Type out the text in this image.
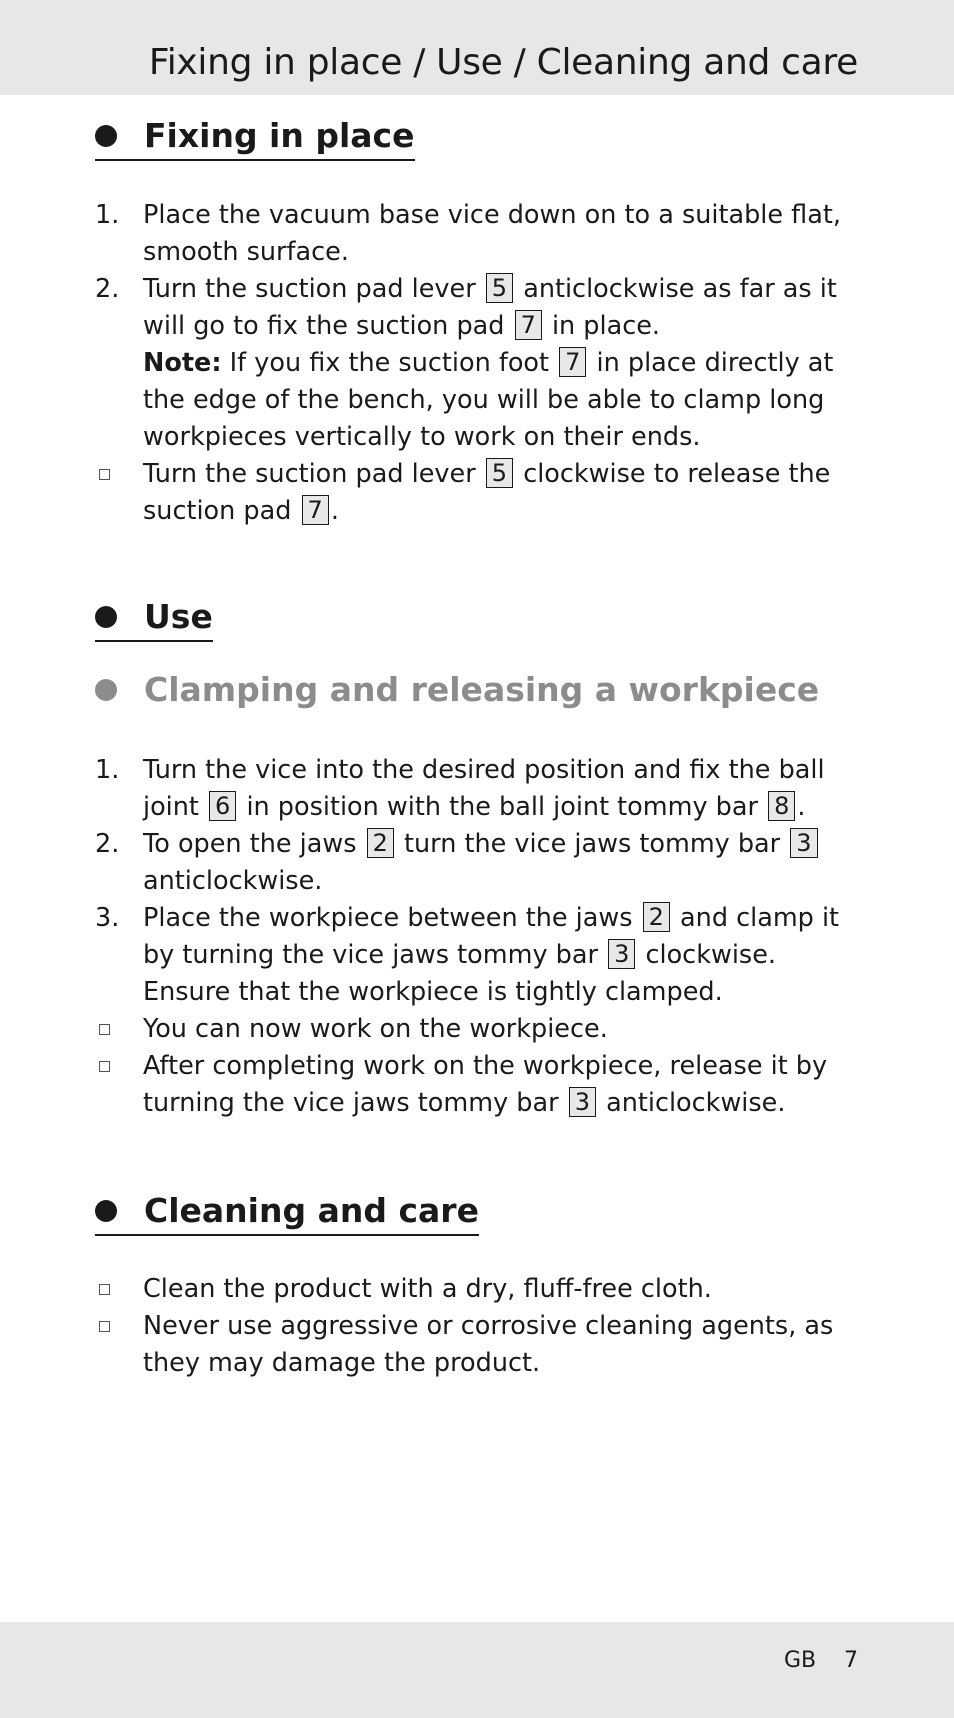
Fixing in place / Use / Cleaning and care
Fixing in place
1. Place the vacuum base vice down on to a suitable flat, smooth surface.
2. Turn the suction pad lever 5 anticlockwise as far as it will go to fix the suction pad 7 in place.
Note: If you fix the suction foot 7 in place directly at the edge of the bench, you will be able to clamp long workpieces vertically to work on their ends.
Turn the suction pad lever 5 clockwise to release the suction pad 7 .
Use
Clamping and releasing a workpiece
1. Turn the vice into the desired position and fix the ball joint 6 in position with the ball joint tommy bar 8 .
2. To open the jaws 2 turn the vice jaws tommy bar 3 anticlockwise.
3. Place the workpiece between the jaws 2 and clamp it by turning the vice jaws tommy bar 3 clockwise. Ensure that the workpiece is tightly clamped.
You can now work on the workpiece.
After completing work on the workpiece, release it by turning the vice jaws tommy bar 3 anticlockwise.
Cleaning and care
Clean the product with a dry, fluff-free cloth.
Never use aggressive or corrosive cleaning agents, as they may damage the product.
GB 7
